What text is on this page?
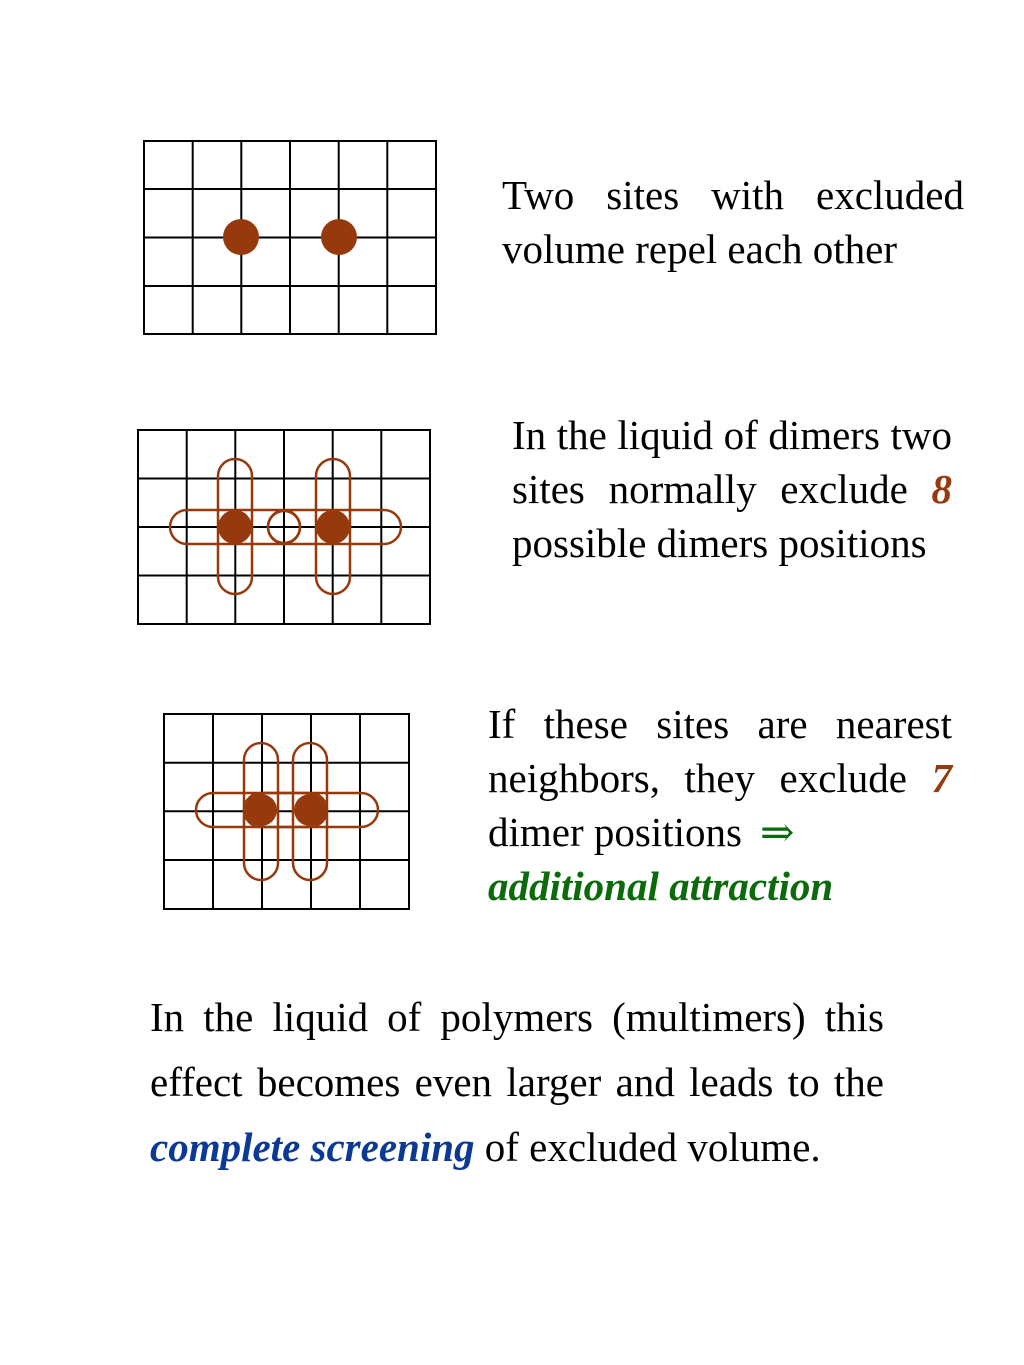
Two sites with excluded volume repel each other

In the liquid of dimers two sites normally exclude 8 possible dimers positions

If these sites are nearest neighbors, they exclude 7 dimer positions ⇒
additional attraction

In the liquid of polymers (multimers) this effect becomes even larger and leads to the complete screening of excluded volume.
